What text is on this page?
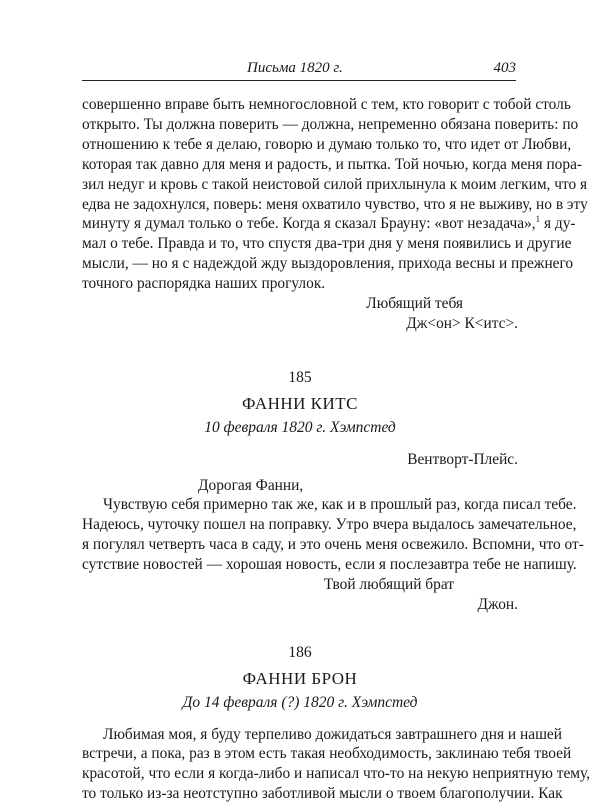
Письма 1820 г.	403
совершенно вправе быть немногословной с тем, кто говорит с тобой столь
открыто. Ты должна поверить — должна, непременно обязана поверить: по
отношению к тебе я делаю, говорю и думаю только то, что идет от Любви,
которая так давно для меня и радость, и пытка. Той ночью, когда меня пора-
зил недуг и кровь с такой неистовой силой прихлынула к моим легким, что я
едва не задохнулся, поверь: меня охватило чувство, что я не выживу, но в эту
минуту я думал только о тебе. Когда я сказал Брауну: «вот незадача»,$^1$ я ду-
мал о тебе. Правда и то, что спустя два-три дня у меня появились и другие
мысли, — но я с надеждой жду выздоровления, прихода весны и прежнего
точного распорядка наших прогулок.

Любящий тебя

Дж<он> К<итс>.

185

ФАННИ КИТС

10 февраля 1820 г. Хэмпстед

Вентворт-Плейс.

Дорогая Фанни,

Чувствую себя примерно так же, как и в прошлый раз, когда писал тебе.
Надеюсь, чуточку пошел на поправку. Утро вчера выдалось замечательное,
я погулял четверть часа в саду, и это очень меня освежило. Вспомни, что от-
сутствие новостей — хорошая новость, если я послезавтра тебе не напишу.

Твой любящий брат

Джон.

186

ФАННИ БРОН

До 14 февраля (?) 1820 г. Хэмпстед

Любимая моя, я буду терпеливо дожидаться завтрашнего дня и нашей
встречи, а пока, раз в этом есть такая необходимость, заклинаю тебя твоей
красотой, что если я когда-либо и написал что-то на некую неприятную тему,
то только из-за неотступно заботливой мысли о твоем благополучии. Как
